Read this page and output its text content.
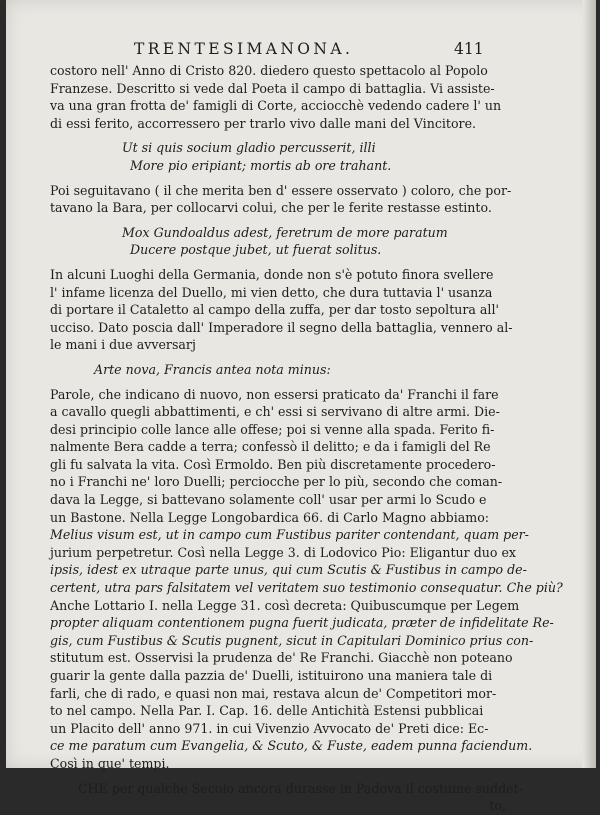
TRENTESIMANONA.	411
costoro nell' Anno di Cristo 820. diedero questo spettacolo al Popolo
Franzese. Descritto si vede dal Poeta il campo di battaglia. Vi assiste-
va una gran frotta de' famigli di Corte, acciocchè vedendo cadere l' un
di essi ferito, accorressero per trarlo vivo dalle mani del Vincitore.
Ut si quis socium gladio percusserit, illi
More pio eripiant; mortis ab ore trahant.
Poi seguitavano ( il che merita ben d' essere osservato ) coloro, che por-
tavano la Bara, per collocarvi colui, che per le ferite restasse estinto.
Mox Gundoaldus adest, feretrum de more paratum
Ducere postque jubet, ut fuerat solitus.
In alcuni Luoghi della Germania, donde non s'è potuto finora svellere
l' infame licenza del Duello, mi vien detto, che dura tuttavia l' usanza
di portare il Cataletto al campo della zuffa, per dar tosto sepoltura all'
ucciso. Dato poscia dall' Imperadore il segno della battaglia, vennero al-
le mani i due avversarj
Arte nova, Francis antea nota minus:
Parole, che indicano di nuovo, non essersi praticato da' Franchi il fare
a cavallo quegli abbattimenti, e ch' essi si servivano di altre armi. Die-
desi principio colle lance alle offese; poi si venne alla spada. Ferito fi-
nalmente Bera cadde a terra; confessò il delitto; e da i famigli del Re
gli fu salvata la vita. Così Ermoldo. Ben più discretamente procedero-
no i Franchi ne' loro Duelli; perciocche per lo più, secondo che coman-
dava la Legge, si battevano solamente coll' usar per armi lo Scudo e
un Bastone. Nella Legge Longobardica 66. di Carlo Magno abbiamo:
Melius visum est, ut in campo cum Fustibus pariter contendant, quam per-
jurium perpetretur. Così nella Legge 3. di Lodovico Pio: Eligantur duo ex
ipsis, idest ex utraque parte unus, qui cum Scutis & Fustibus in campo de-
certent, utra pars falsitatem vel veritatem suo testimonio consequatur. Che più?
Anche Lottario I. nella Legge 31. così decreta: Quibuscumque per Legem
propter aliquam contentionem pugna fuerit judicata, præter de infidelitate Re-
gis, cum Fustibus & Scutis pugnent, sicut in Capitulari Dominico prius con-
stitutum est. Osservisi la prudenza de' Re Franchi. Giacchè non poteano
guarir la gente dalla pazzia de' Duelli, istituirono una maniera tale di
farli, che di rado, e quasi non mai, restava alcun de' Competitori mor-
to nel campo. Nella Par. I. Cap. 16. delle Antichità Estensi pubblicai
un Placito dell' anno 971. in cui Vivenzio Avvocato de' Preti dice: Ec-
ce me paratum cum Evangelia, & Scuto, & Fuste, eadem punna faciendum.
Così in que' tempi.
CHE per qualche Secolo ancora durasse in Padova il costume suddet-
to,
